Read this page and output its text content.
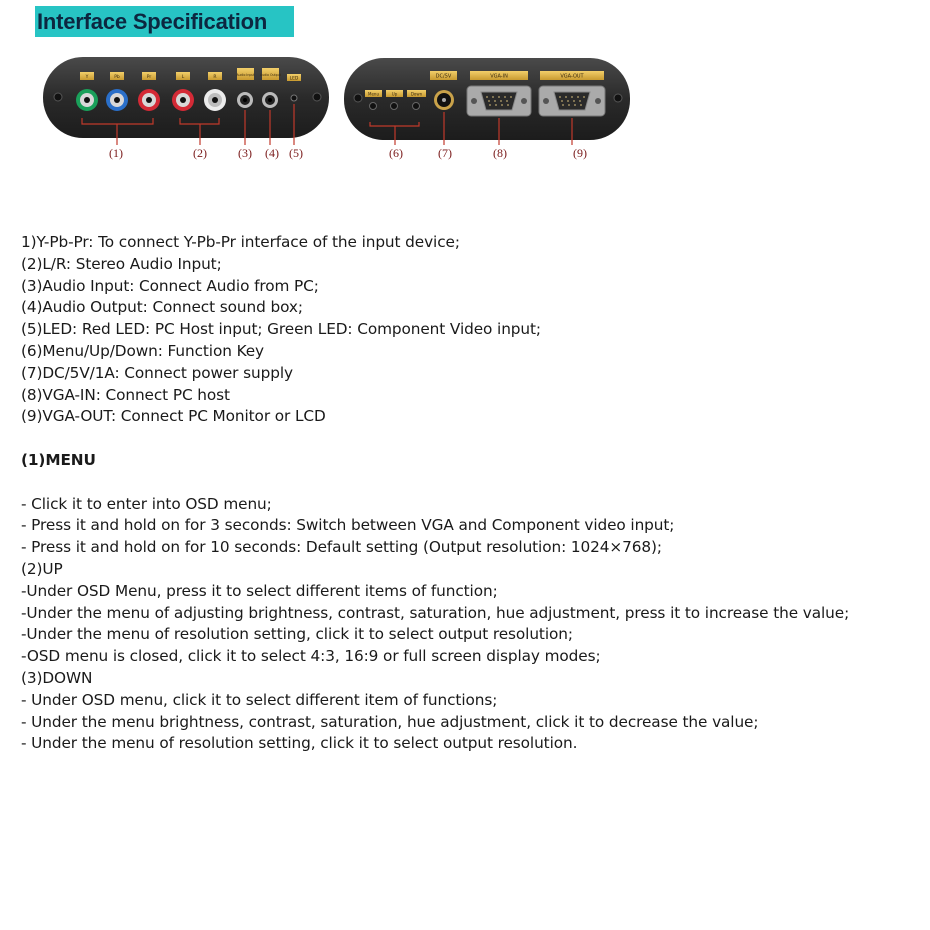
Interface Specification
Y	Pb	Pr	L	R	Audio Input Audio Output
LED
(1)	(2)	(3) (4) (5)
Menu	Up	Down
DC/5V	VGA-IN	VGA-OUT
(6)	(7)	(8)	(9)
1)Y-Pb-Pr: To connect Y-Pb-Pr interface of the input device;
(2)L/R: Stereo Audio Input;
(3)Audio Input: Connect Audio from PC;
(4)Audio Output: Connect sound box;
(5)LED: Red LED: PC Host input; Green LED: Component Video input;
(6)Menu/Up/Down: Function Key
(7)DC/5V/1A: Connect power supply
(8)VGA-IN: Connect PC host
(9)VGA-OUT: Connect PC Monitor or LCD
(1)MENU
- Click it to enter into OSD menu;
- Press it and hold on for 3 seconds: Switch between VGA and Component video input;
- Press it and hold on for 10 seconds: Default setting (Output resolution: 1024×768);
(2)UP
-Under OSD Menu, press it to select different items of function;
-Under the menu of adjusting brightness, contrast, saturation, hue adjustment, press it to increase the value;
-Under the menu of resolution setting, click it to select output resolution;
-OSD menu is closed, click it to select 4:3, 16:9 or full screen display modes;
(3)DOWN
- Under OSD menu, click it to select different item of functions;
- Under the menu brightness, contrast, saturation, hue adjustment, click it to decrease the value;
- Under the menu of resolution setting, click it to select output resolution.
